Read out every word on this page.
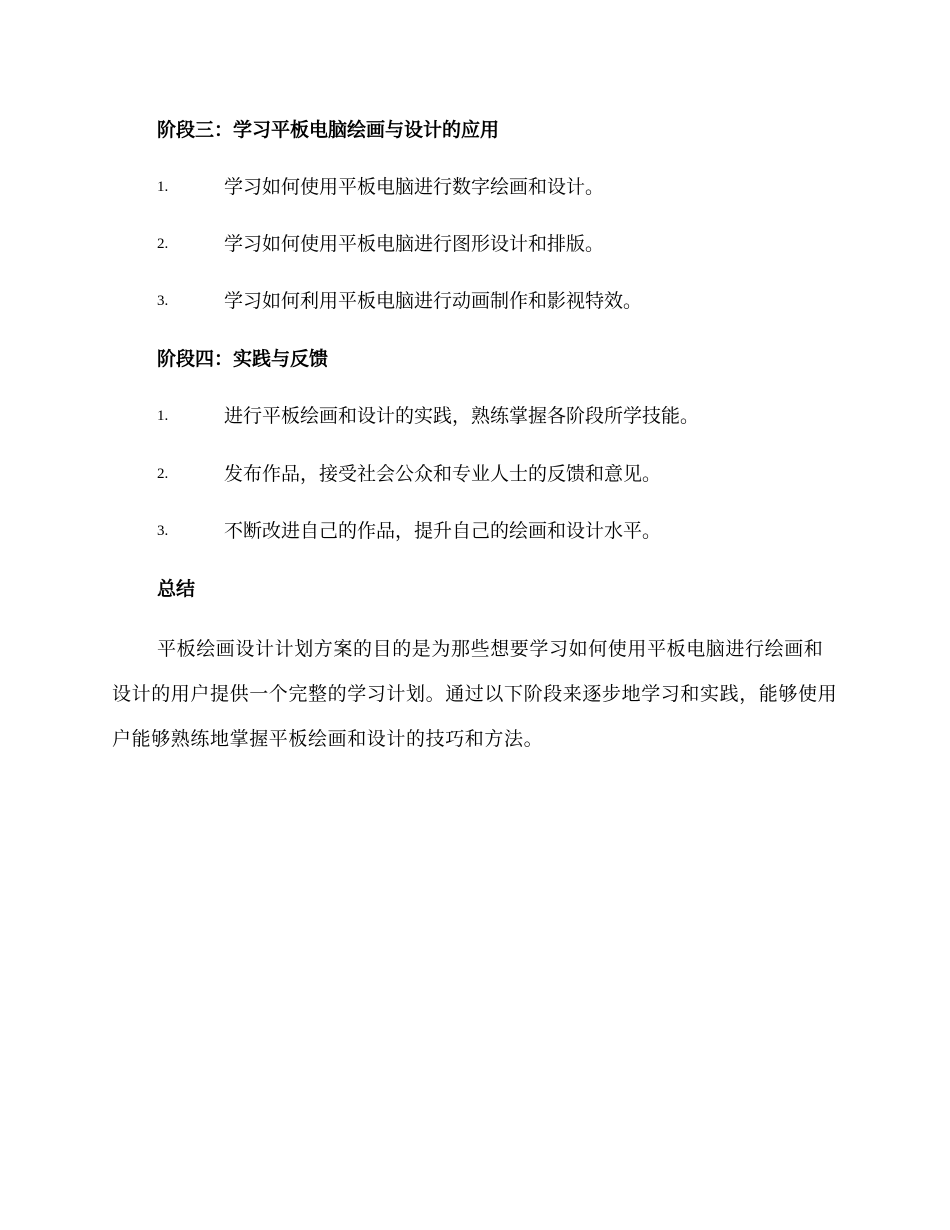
阶段三：学习平板电脑绘画与设计的应用
1.	学习如何使用平板电脑进行数字绘画和设计。
2.	学习如何使用平板电脑进行图形设计和排版。
3.	学习如何利用平板电脑进行动画制作和影视特效。
阶段四：实践与反馈
1.	进行平板绘画和设计的实践，熟练掌握各阶段所学技能。
2.	发布作品，接受社会公众和专业人士的反馈和意见。
3.	不断改进自己的作品，提升自己的绘画和设计水平。
总结

平板绘画设计计划方案的目的是为那些想要学习如何使用平板电脑进行绘画和设计的用户提供一个完整的学习计划。通过以下阶段来逐步地学习和实践，能够使用户能够熟练地掌握平板绘画和设计的技巧和方法。
